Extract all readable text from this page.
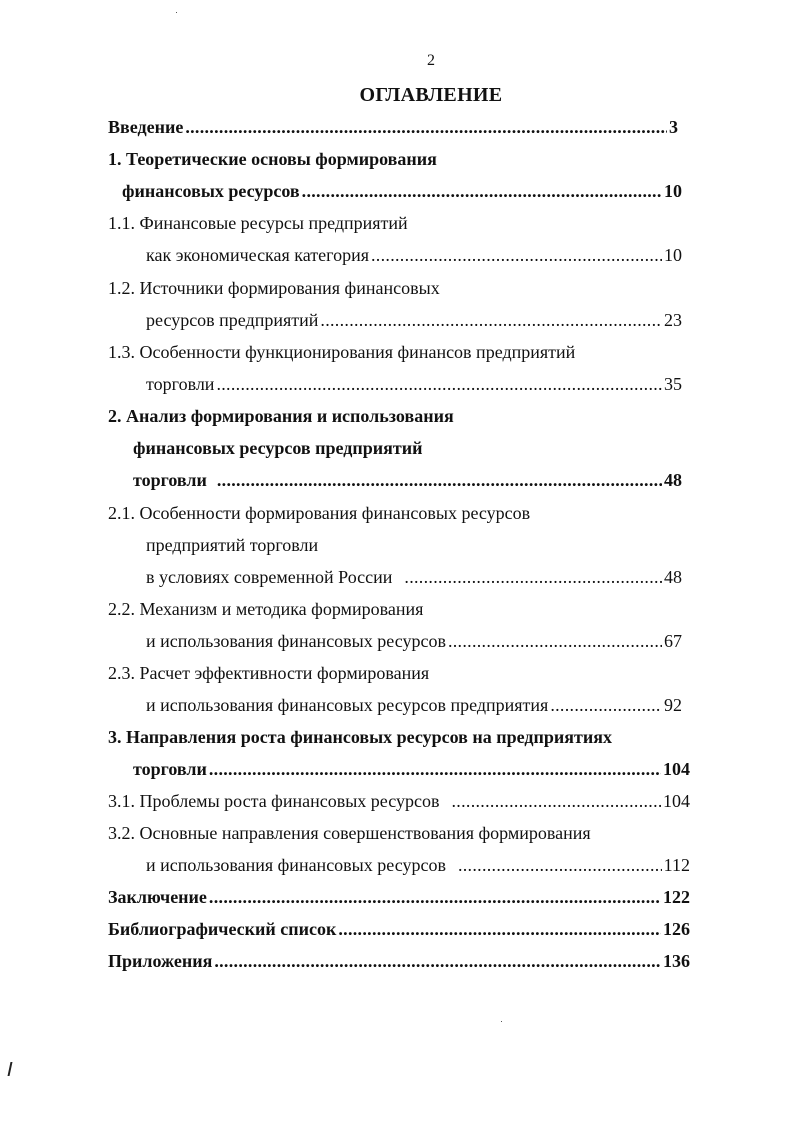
2
ОГЛАВЛЕНИЕ
Введение .....	3
1. Теоретические основы формирования
финансовых ресурсов .....	10
1.1. Финансовые ресурсы предприятий
как экономическая категория .....	10
1.2. Источники формирования финансовых
ресурсов предприятий .....	23
1.3. Особенности функционирования финансов предприятий
торговли .....	35
2. Анализ формирования и использования
финансовых ресурсов предприятий
торговли .....	48
2.1. Особенности формирования финансовых ресурсов
предприятий торговли
в условиях современной России .....	48
2.2. Механизм и методика формирования
и использования финансовых ресурсов .....	67
2.3. Расчет эффективности формирования
и использования финансовых ресурсов предприятия .....	92
3. Направления роста финансовых ресурсов на предприятиях
торговли .....	104
3.1. Проблемы роста финансовых ресурсов .....	104
3.2. Основные направления совершенствования формирования
и использования финансовых ресурсов .....	112
Заключение .....	122
Библиографический список .....	126
Приложения .....	136
